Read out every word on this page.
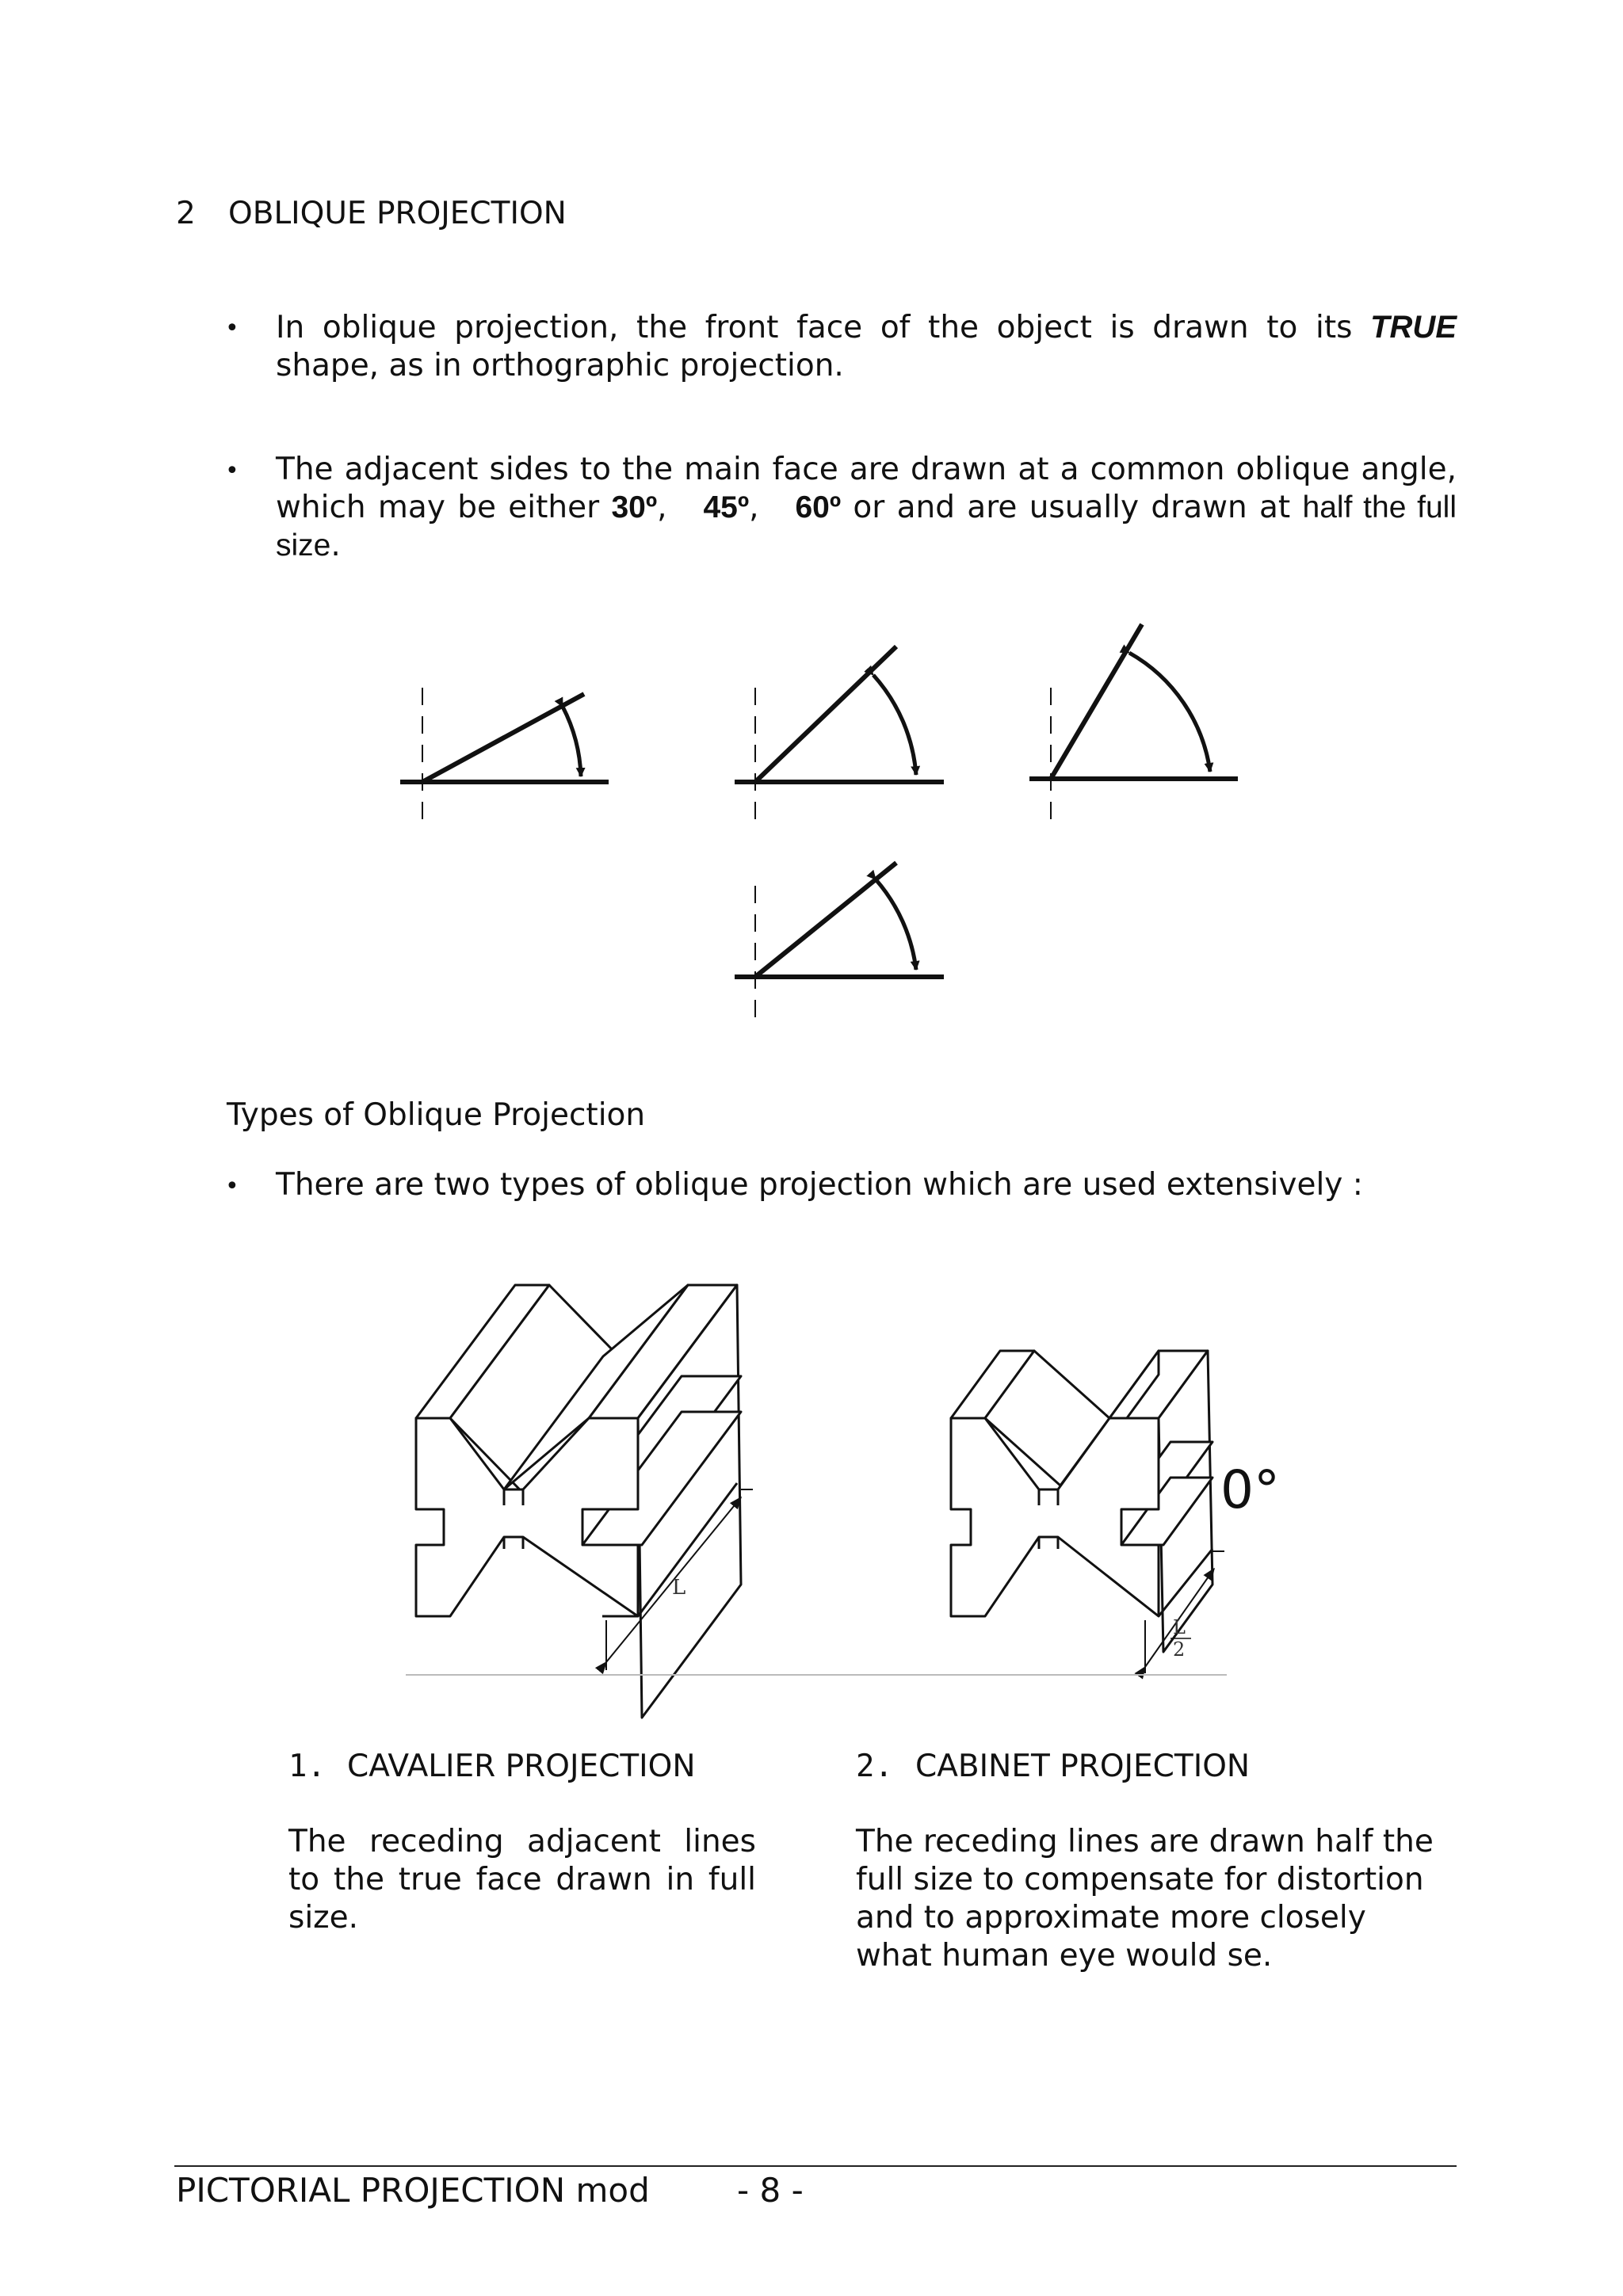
2 OBLIQUE PROJECTION
• In oblique projection, the front face of the object is drawn to its TRUE shape, as in orthographic projection.
• The adjacent sides to the main face are drawn at a common oblique angle, which may be either 30º,   45º,   60º or and are usually drawn at half the full size.
Types of Oblique Projection
• There are two types of oblique projection which are used extensively :
L
L
2
0°
1. CAVALIER PROJECTION
The receding adjacent lines to the true face drawn in full size.
2. CABINET PROJECTION
The receding lines are drawn half the full size to compensate for distortion and to approximate more closely what human eye would se.
PICTORIAL PROJECTION mod	- 8 -
